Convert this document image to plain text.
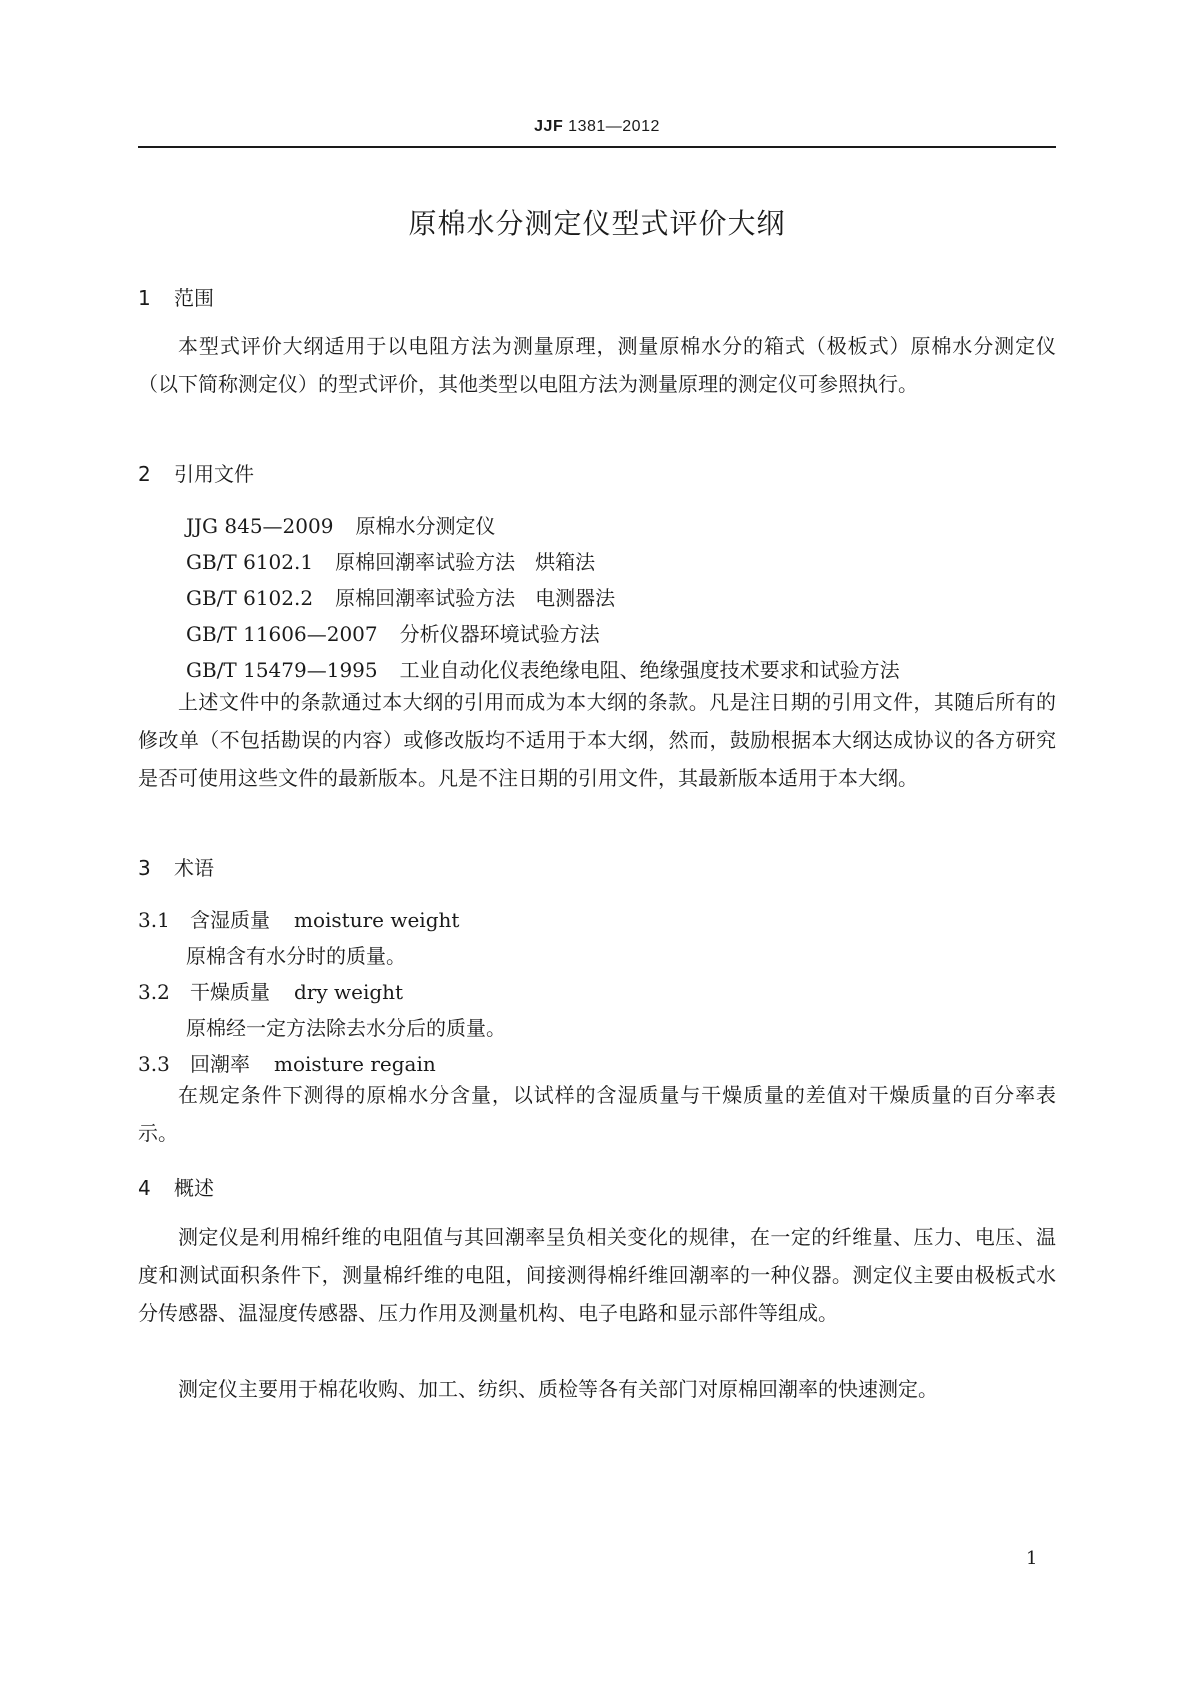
JJF 1381—2012
原棉水分测定仪型式评价大纲
1 范围

本型式评价大纲适用于以电阻方法为测量原理，测量原棉水分的箱式（极板式）原棉水分测定仪（以下简称测定仪）的型式评价，其他类型以电阻方法为测量原理的测定仪可参照执行。

2 引用文件
JJG 845—2009 原棉水分测定仪
GB/T 6102.1 原棉回潮率试验方法　烘箱法
GB/T 6102.2 原棉回潮率试验方法　电测器法
GB/T 11606—2007 分析仪器环境试验方法
GB/T 15479—1995 工业自动化仪表绝缘电阻、绝缘强度技术要求和试验方法

上述文件中的条款通过本大纲的引用而成为本大纲的条款。凡是注日期的引用文件，其随后所有的修改单（不包括勘误的内容）或修改版均不适用于本大纲，然而，鼓励根据本大纲达成协议的各方研究是否可使用这些文件的最新版本。凡是不注日期的引用文件，其最新版本适用于本大纲。

3 术语
3.1 含湿质量 moisture weight
原棉含有水分时的质量。
3.2 干燥质量 dry weight
原棉经一定方法除去水分后的质量。
3.3 回潮率 moisture regain

在规定条件下测得的原棉水分含量，以试样的含湿质量与干燥质量的差值对干燥质量的百分率表示。

4 概述

测定仪是利用棉纤维的电阻值与其回潮率呈负相关变化的规律，在一定的纤维量、压力、电压、温度和测试面积条件下，测量棉纤维的电阻，间接测得棉纤维回潮率的一种仪器。测定仪主要由极板式水分传感器、温湿度传感器、压力作用及测量机构、电子电路和显示部件等组成。

测定仪主要用于棉花收购、加工、纺织、质检等各有关部门对原棉回潮率的快速测定。

1
